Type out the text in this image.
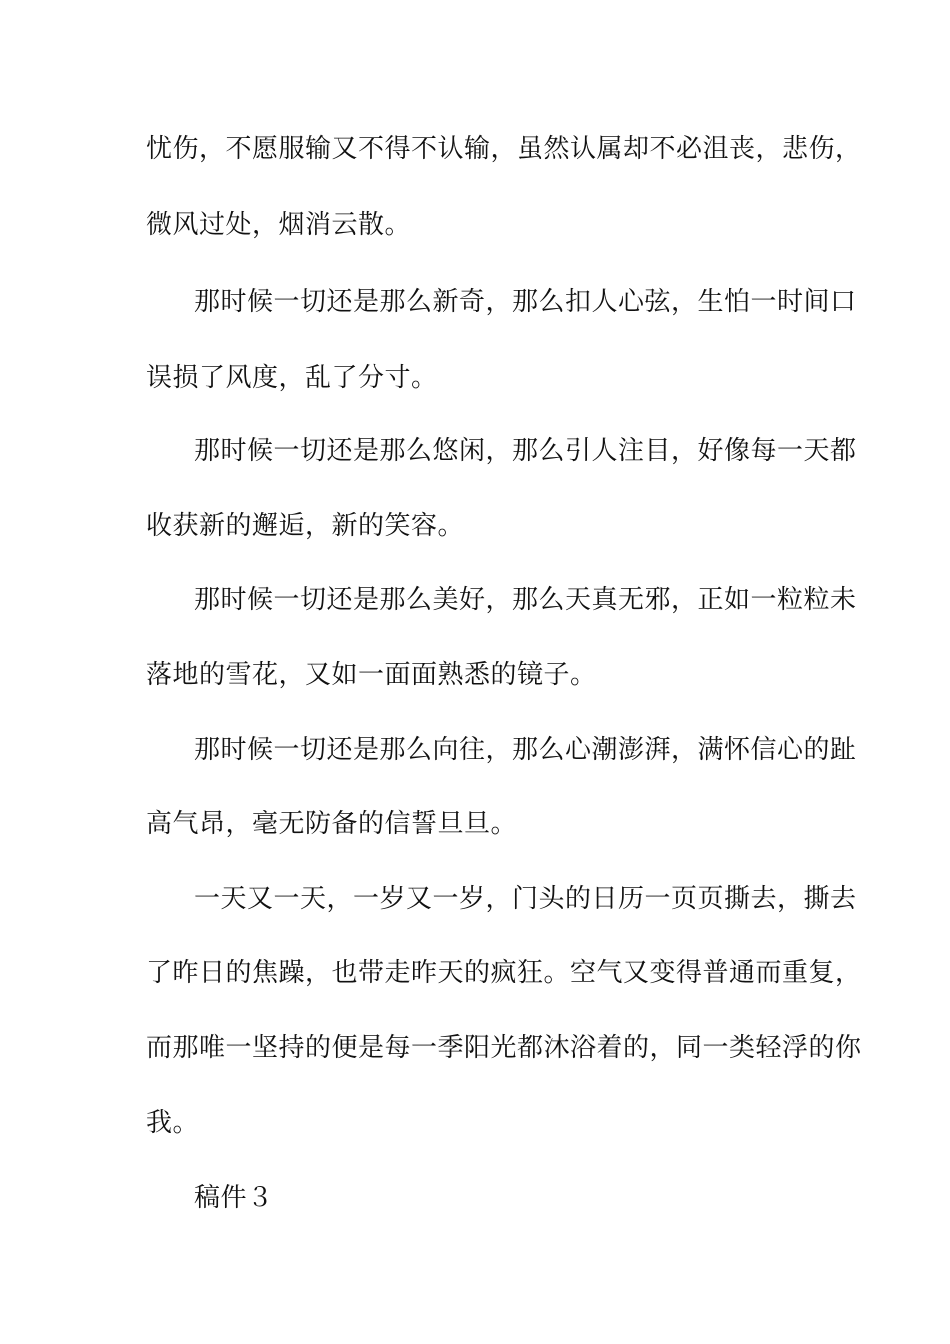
忧伤，不愿服输又不得不认输，虽然认属却不必沮丧，悲伤，
微风过处，烟消云散。
那时候一切还是那么新奇，那么扣人心弦，生怕一时间口
误损了风度，乱了分寸。
那时候一切还是那么悠闲，那么引人注目，好像每一天都
收获新的邂逅，新的笑容。
那时候一切还是那么美好，那么天真无邪，正如一粒粒未
落地的雪花，又如一面面熟悉的镜子。
那时候一切还是那么向往，那么心潮澎湃，满怀信心的趾
高气昂，毫无防备的信誓旦旦。
一天又一天，一岁又一岁，门头的日历一页页撕去，撕去
了昨日的焦躁，也带走昨天的疯狂。空气又变得普通而重复，
而那唯一坚持的便是每一季阳光都沐浴着的，同一类轻浮的你
我。
稿件３
